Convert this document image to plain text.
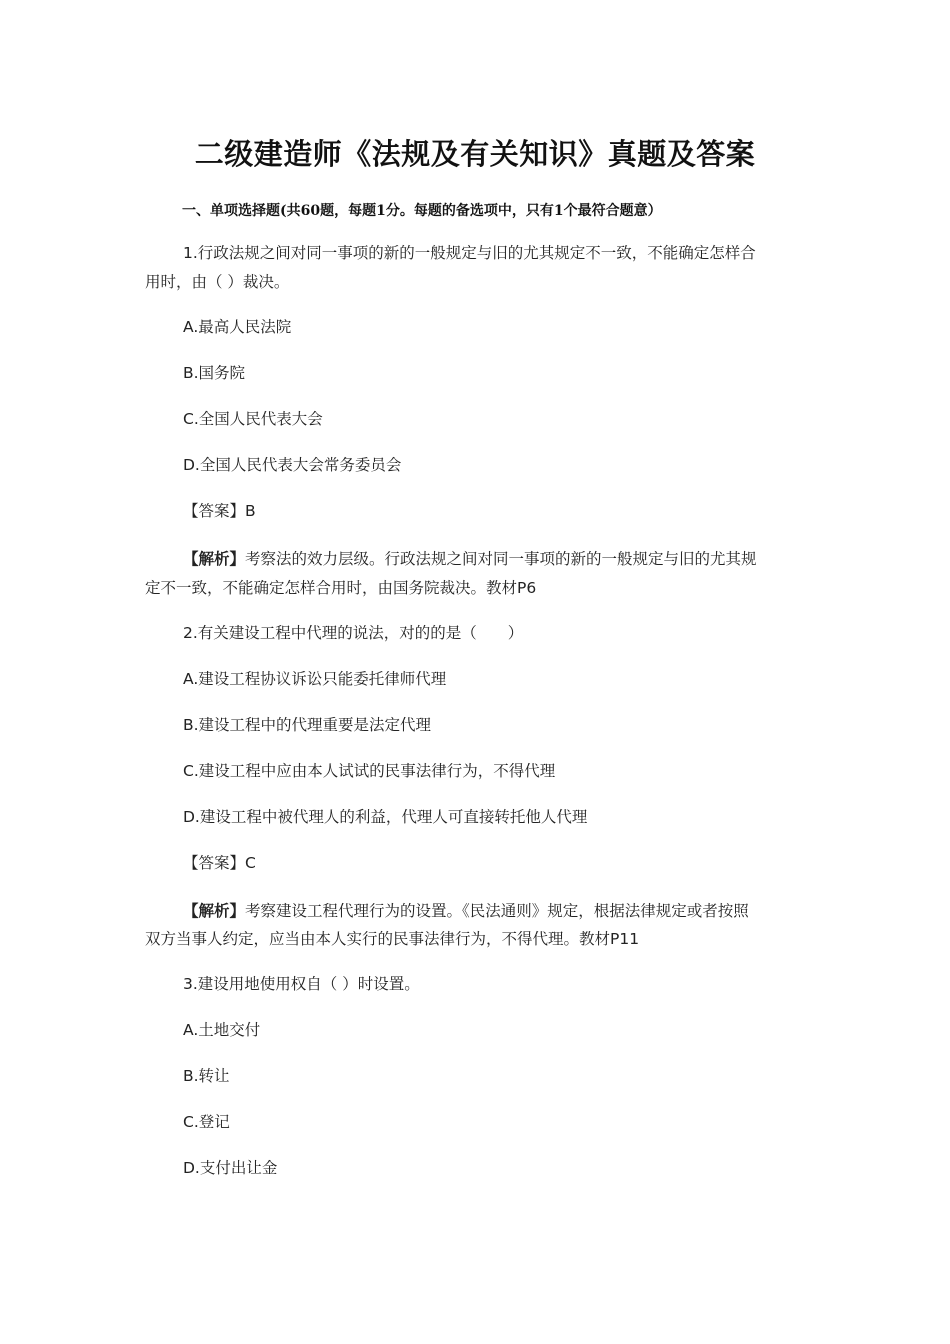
二级建造师《法规及有关知识》真题及答案
一、单项选择题(共60题，每题1分。每题的备选项中，只有1个最符合题意）
1.行政法规之间对同一事项的新的一般规定与旧的尤其规定不一致，不能确定怎样合
用时，由（ ）裁决。
A.最高人民法院
B.国务院
C.全国人民代表大会
D.全国人民代表大会常务委员会
【答案】B
【解析】考察法的效力层级。行政法规之间对同一事项的新的一般规定与旧的尤其规
定不一致，不能确定怎样合用时，由国务院裁决。教材P6
2.有关建设工程中代理的说法，对的的是（　　）
A.建设工程协议诉讼只能委托律师代理
B.建设工程中的代理重要是法定代理
C.建设工程中应由本人试试的民事法律行为，不得代理
D.建设工程中被代理人的利益，代理人可直接转托他人代理
【答案】C
【解析】考察建设工程代理行为的设置。《民法通则》规定，根据法律规定或者按照
双方当事人约定，应当由本人实行的民事法律行为，不得代理。教材P11
3.建设用地使用权自（ ）时设置。
A.土地交付
B.转让
C.登记
D.支付出让金
